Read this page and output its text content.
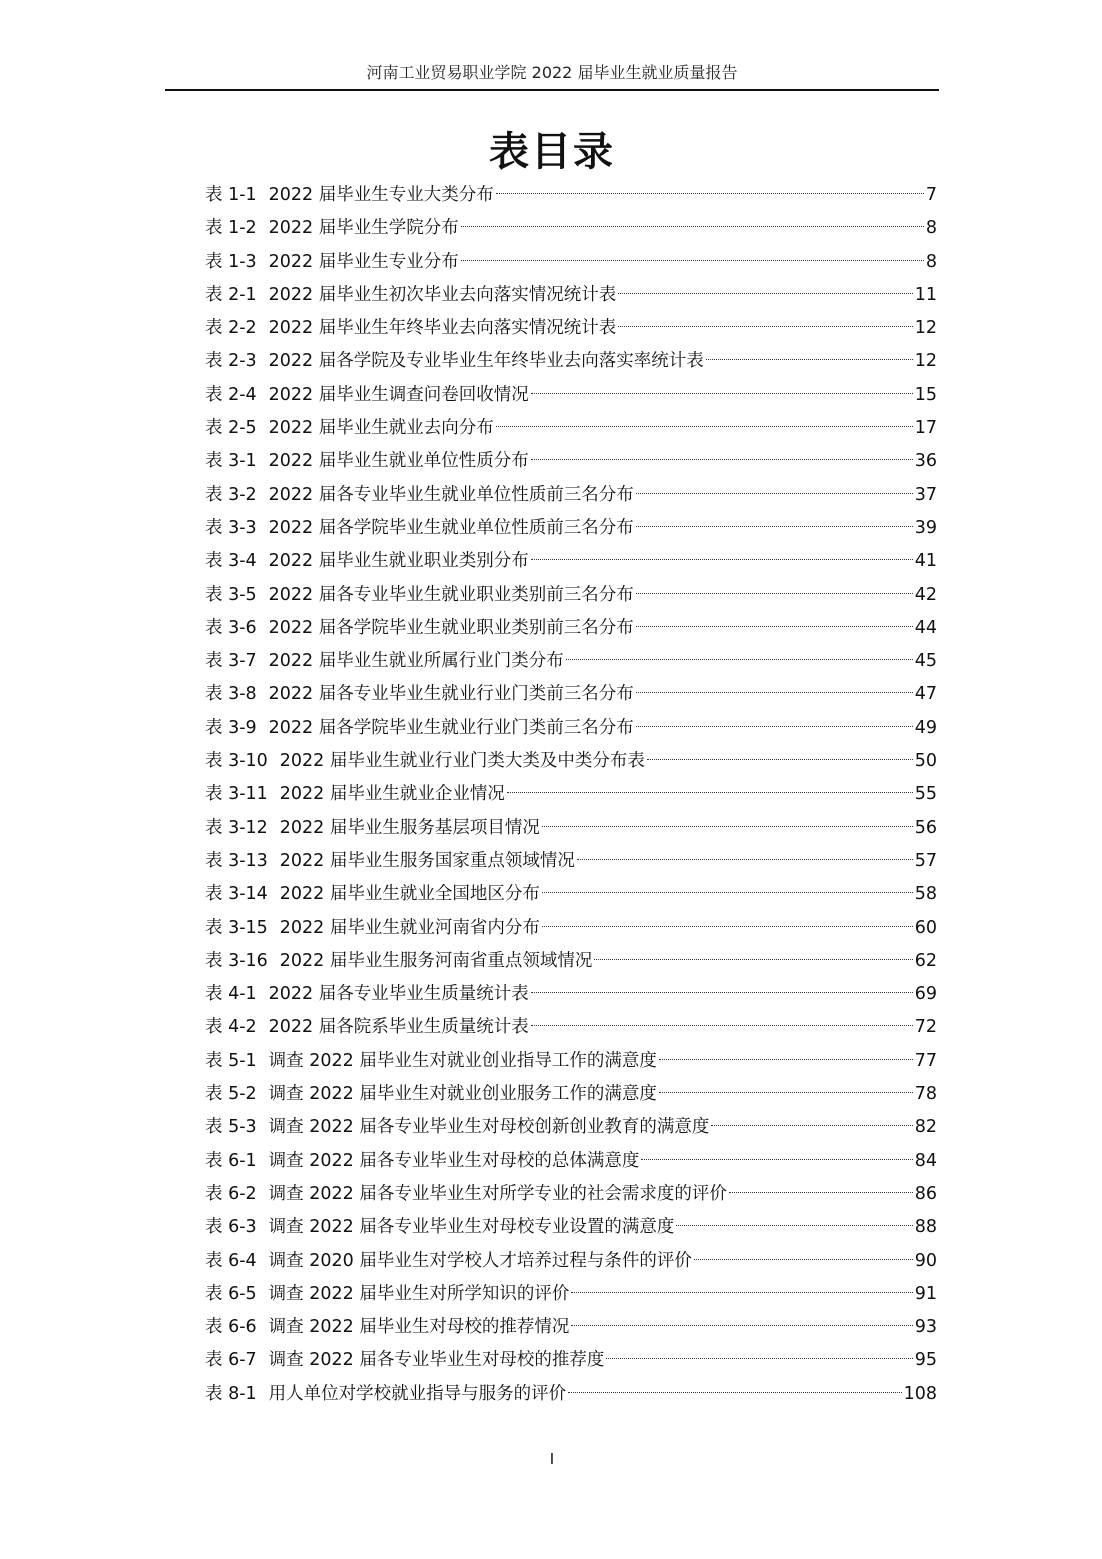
河南工业贸易职业学院 2022 届毕业生就业质量报告
表目录
表 1-1 2022 届毕业生专业大类分布	7
表 1-2 2022 届毕业生学院分布	8
表 1-3 2022 届毕业生专业分布	8
表 2-1 2022 届毕业生初次毕业去向落实情况统计表	11
表 2-2 2022 届毕业生年终毕业去向落实情况统计表	12
表 2-3 2022 届各学院及专业毕业生年终毕业去向落实率统计表	12
表 2-4 2022 届毕业生调查问卷回收情况	15
表 2-5 2022 届毕业生就业去向分布	17
表 3-1 2022 届毕业生就业单位性质分布	36
表 3-2 2022 届各专业毕业生就业单位性质前三名分布	37
表 3-3 2022 届各学院毕业生就业单位性质前三名分布	39
表 3-4 2022 届毕业生就业职业类别分布	41
表 3-5 2022 届各专业毕业生就业职业类别前三名分布	42
表 3-6 2022 届各学院毕业生就业职业类别前三名分布	44
表 3-7 2022 届毕业生就业所属行业门类分布	45
表 3-8 2022 届各专业毕业生就业行业门类前三名分布	47
表 3-9 2022 届各学院毕业生就业行业门类前三名分布	49
表 3-10 2022 届毕业生就业行业门类大类及中类分布表	50
表 3-11 2022 届毕业生就业企业情况	55
表 3-12 2022 届毕业生服务基层项目情况	56
表 3-13 2022 届毕业生服务国家重点领域情况	57
表 3-14 2022 届毕业生就业全国地区分布	58
表 3-15 2022 届毕业生就业河南省内分布	60
表 3-16 2022 届毕业生服务河南省重点领域情况	62
表 4-1 2022 届各专业毕业生质量统计表	69
表 4-2 2022 届各院系毕业生质量统计表	72
表 5-1 调查 2022 届毕业生对就业创业指导工作的满意度	77
表 5-2 调查 2022 届毕业生对就业创业服务工作的满意度	78
表 5-3 调查 2022 届各专业毕业生对母校创新创业教育的满意度	82
表 6-1 调查 2022 届各专业毕业生对母校的总体满意度	84
表 6-2 调查 2022 届各专业毕业生对所学专业的社会需求度的评价	86
表 6-3 调查 2022 届各专业毕业生对母校专业设置的满意度	88
表 6-4 调查 2020 届毕业生对学校人才培养过程与条件的评价	90
表 6-5 调查 2022 届毕业生对所学知识的评价	91
表 6-6 调查 2022 届毕业生对母校的推荐情况	93
表 6-7 调查 2022 届各专业毕业生对母校的推荐度	95
表 8-1 用人单位对学校就业指导与服务的评价	108
I
